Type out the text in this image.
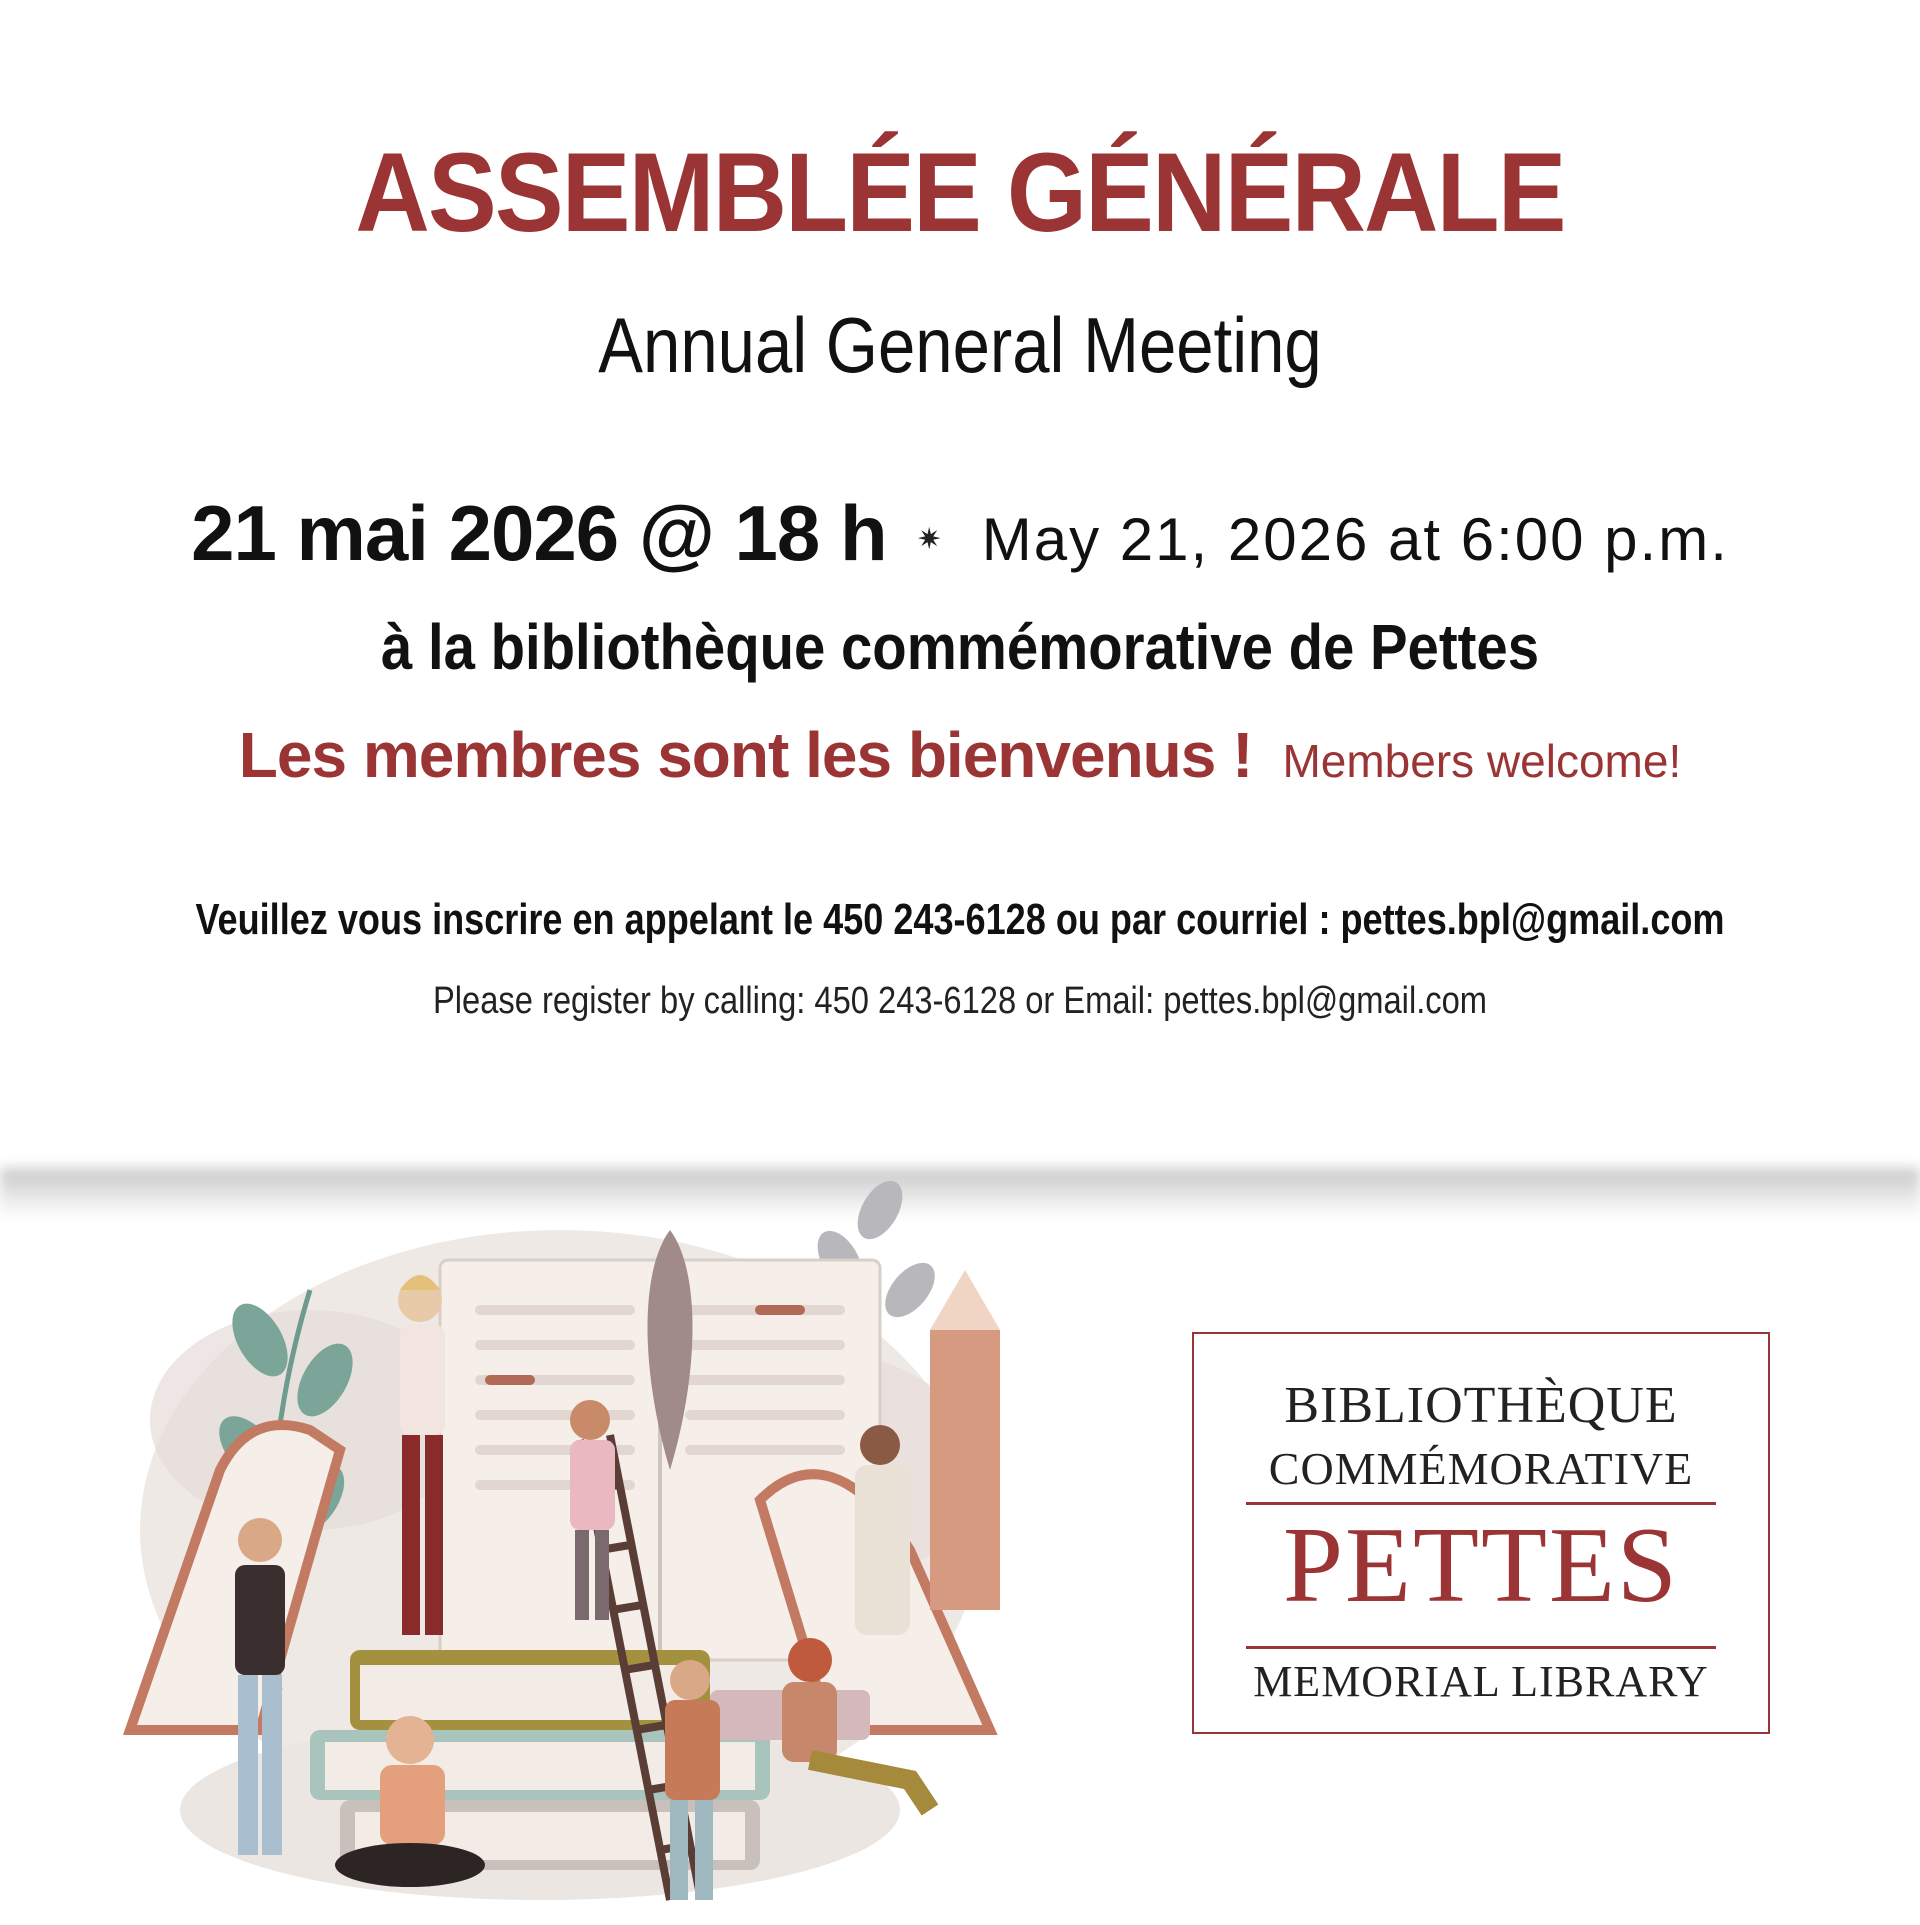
ASSEMBLÉE GÉNÉRALE
Annual General Meeting
21 mai 2026 @ 18 h ✷ May 21, 2026 at 6:00 p.m.
à la bibliothèque commémorative de Pettes
Les membres sont les bienvenus ! Members welcome!
Veuillez vous inscrire en appelant le 450 243-6128 ou par courriel : pettes.bpl@gmail.com
Please register by calling: 450 243-6128 or Email: pettes.bpl@gmail.com
BIBLIOTHÈQUE
COMMÉMORATIVE
PETTES
MEMORIAL LIBRARY
